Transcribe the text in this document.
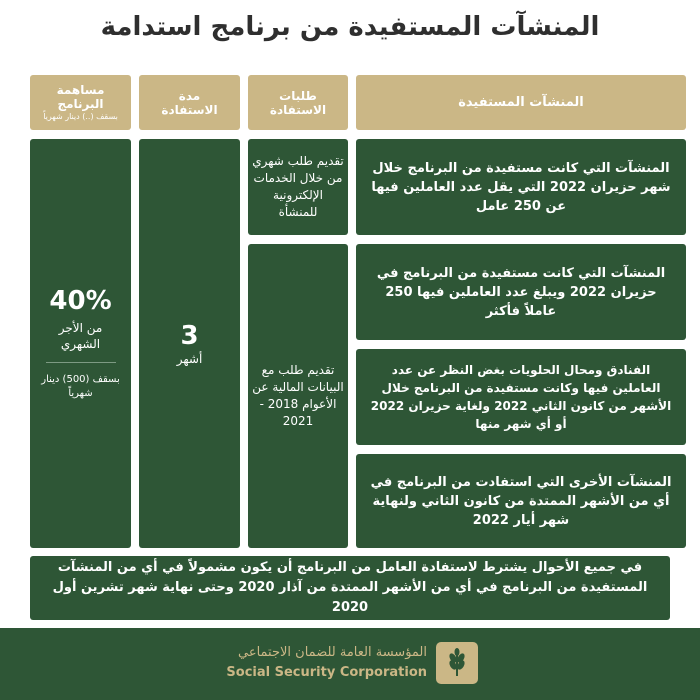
المنشآت المستفيدة من برنامج استدامة
المنشآت المستفيدة
طلبات الاستفادة
مدة الاستفادة
مساهمة البرنامج
بسقف (..) دينار شهرياً
المنشآت التي كانت مستفيدة من البرنامج خلال شهر حزيران 2022 التي يقل عدد العاملين فيها عن 250 عامل
المنشآت التي كانت مستفيدة من البرنامج في حزيران 2022 ويبلغ عدد العاملين فيها 250 عاملاً فأكثر
الفنادق ومحال الحلويات بغض النظر عن عدد العاملين فيها وكانت مستفيدة من البرنامج خلال الأشهر من كانون الثاني 2022 ولغاية حزيران 2022 أو أي شهر منها
المنشآت الأخرى التي استفادت من البرنامج في أي من الأشهر الممتدة من كانون الثاني ولنهاية شهر أيار 2022
تقديم طلب شهري من خلال الخدمات الإلكترونية للمنشأة
تقديم طلب مع البيانات المالية عن الأعوام 2018 - 2021
3
أشهر
40%
من الأجر الشهري
بسقف (500) دينار شهرياً
في جميع الأحوال يشترط لاستفادة العامل من البرنامج أن يكون مشمولاً في أي من المنشآت المستفيدة من البرنامج في أي من الأشهر الممتدة من آذار 2020 وحتى نهاية شهر تشرين أول 2020
المؤسسة العامة للضمان الاجتماعي
Social Security Corporation
